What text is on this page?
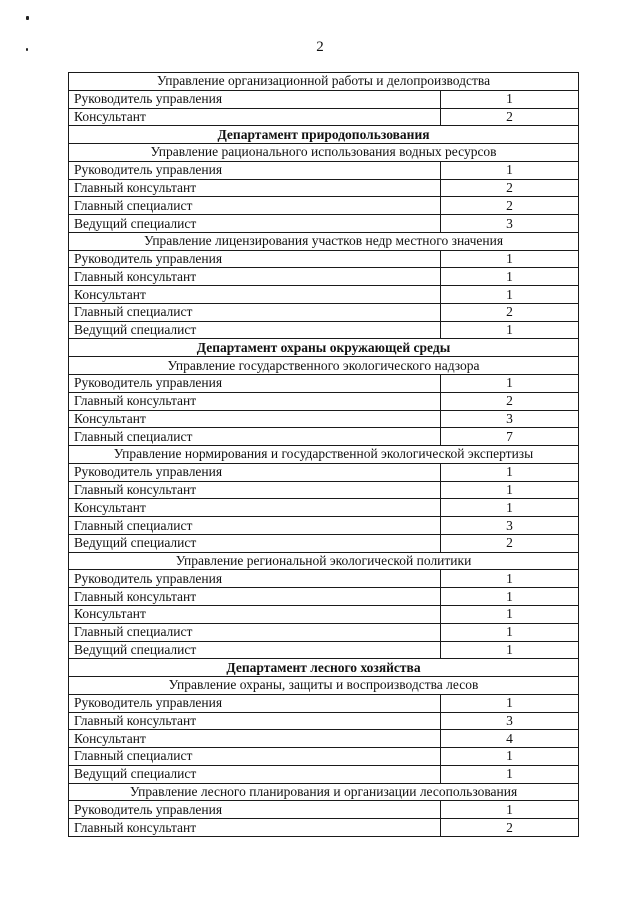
2
Управление организационной работы и делопроизводства	
Руководитель управления	1
Консультант	2
Департамент природопользования	
Управление рационального использования водных ресурсов	
Руководитель управления	1
Главный консультант	2
Главный специалист	2
Ведущий специалист	3
Управление лицензирования участков недр местного значения	
Руководитель управления	1
Главный консультант	1
Консультант	1
Главный специалист	2
Ведущий специалист	1
Департамент охраны окружающей среды	
Управление государственного экологического надзора	
Руководитель управления	1
Главный консультант	2
Консультант	3
Главный специалист	7
Управление нормирования и государственной экологической экспертизы	
Руководитель управления	1
Главный консультант	1
Консультант	1
Главный специалист	3
Ведущий специалист	2
Управление региональной экологической политики	
Руководитель управления	1
Главный консультант	1
Консультант	1
Главный специалист	1
Ведущий специалист	1
Департамент лесного хозяйства	
Управление охраны, защиты и воспроизводства лесов	
Руководитель управления	1
Главный консультант	3
Консультант	4
Главный специалист	1
Ведущий специалист	1
Управление лесного планирования и организации лесопользования	
Руководитель управления	1
Главный консультант	2
